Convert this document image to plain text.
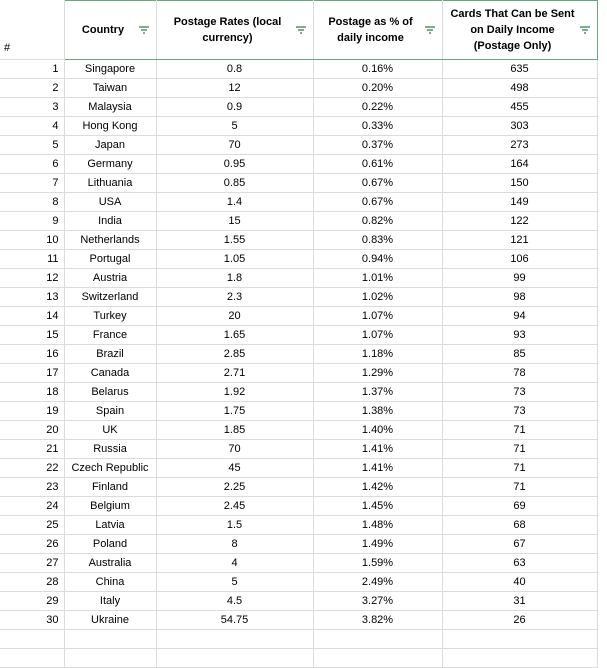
#	Country	Postage Rates (local currency)	Postage as % of daily income	Cards That Can be Sent on Daily Income (Postage Only)

1	Singapore	0.8	0.16%	635
2	Taiwan	12	0.20%	498
3	Malaysia	0.9	0.22%	455
4	Hong Kong	5	0.33%	303
5	Japan	70	0.37%	273
6	Germany	0.95	0.61%	164
7	Lithuania	0.85	0.67%	150
8	USA	1.4	0.67%	149
9	India	15	0.82%	122
10	Netherlands	1.55	0.83%	121
11	Portugal	1.05	0.94%	106
12	Austria	1.8	1.01%	99
13	Switzerland	2.3	1.02%	98
14	Turkey	20	1.07%	94
15	France	1.65	1.07%	93
16	Brazil	2.85	1.18%	85
17	Canada	2.71	1.29%	78
18	Belarus	1.92	1.37%	73
19	Spain	1.75	1.38%	73
20	UK	1.85	1.40%	71
21	Russia	70	1.41%	71
22	Czech Republic	45	1.41%	71
23	Finland	2.25	1.42%	71
24	Belgium	2.45	1.45%	69
25	Latvia	1.5	1.48%	68
26	Poland	8	1.49%	67
27	Australia	4	1.59%	63
28	China	5	2.49%	40
29	Italy	4.5	3.27%	31
30	Ukraine	54.75	3.82%	26
